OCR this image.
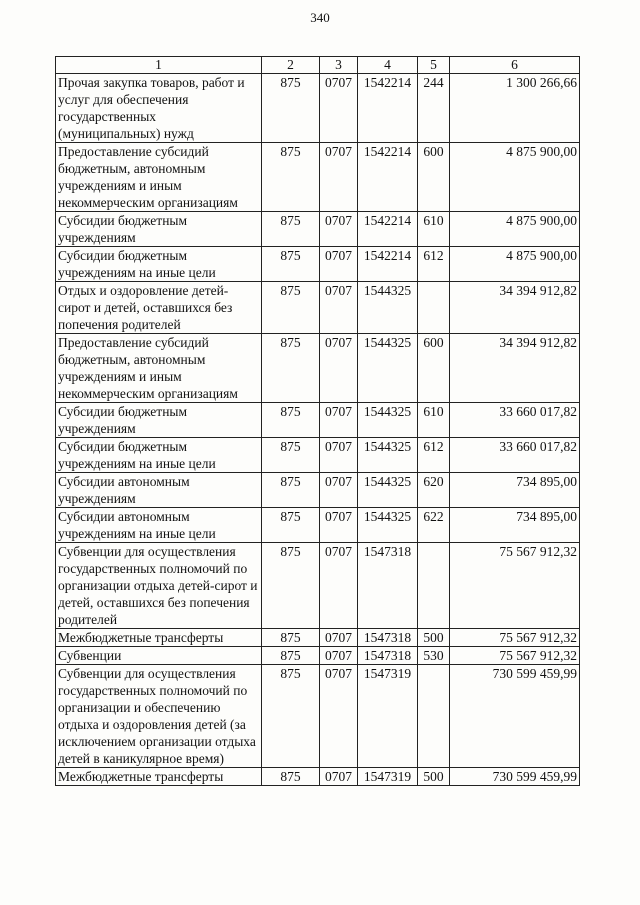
340
1	2	3	4	5	6
Прочая закупка товаров, работ и услуг для обеспечения государственных (муниципальных) нужд	875	0707	1542214	244	1 300 266,66
Предоставление субсидий бюджетным, автономным учреждениям и иным некоммерческим организациям	875	0707	1542214	600	4 875 900,00
Субсидии бюджетным учреждениям	875	0707	1542214	610	4 875 900,00
Субсидии бюджетным учреждениям на иные цели	875	0707	1542214	612	4 875 900,00
Отдых и оздоровление детей-сирот и детей, оставшихся без попечения родителей	875	0707	1544325		34 394 912,82
Предоставление субсидий бюджетным, автономным учреждениям и иным некоммерческим организациям	875	0707	1544325	600	34 394 912,82
Субсидии бюджетным учреждениям	875	0707	1544325	610	33 660 017,82
Субсидии бюджетным учреждениям на иные цели	875	0707	1544325	612	33 660 017,82
Субсидии автономным учреждениям	875	0707	1544325	620	734 895,00
Субсидии автономным учреждениям на иные цели	875	0707	1544325	622	734 895,00
Субвенции для осуществления государственных полномочий по организации отдыха детей-сирот и детей, оставшихся без попечения родителей	875	0707	1547318		75 567 912,32
Межбюджетные трансферты	875	0707	1547318	500	75 567 912,32
Субвенции	875	0707	1547318	530	75 567 912,32
Субвенции для осуществления государственных полномочий по организации и обеспечению отдыха и оздоровления детей (за исключением организации отдыха детей в каникулярное время)	875	0707	1547319		730 599 459,99
Межбюджетные трансферты	875	0707	1547319	500	730 599 459,99
